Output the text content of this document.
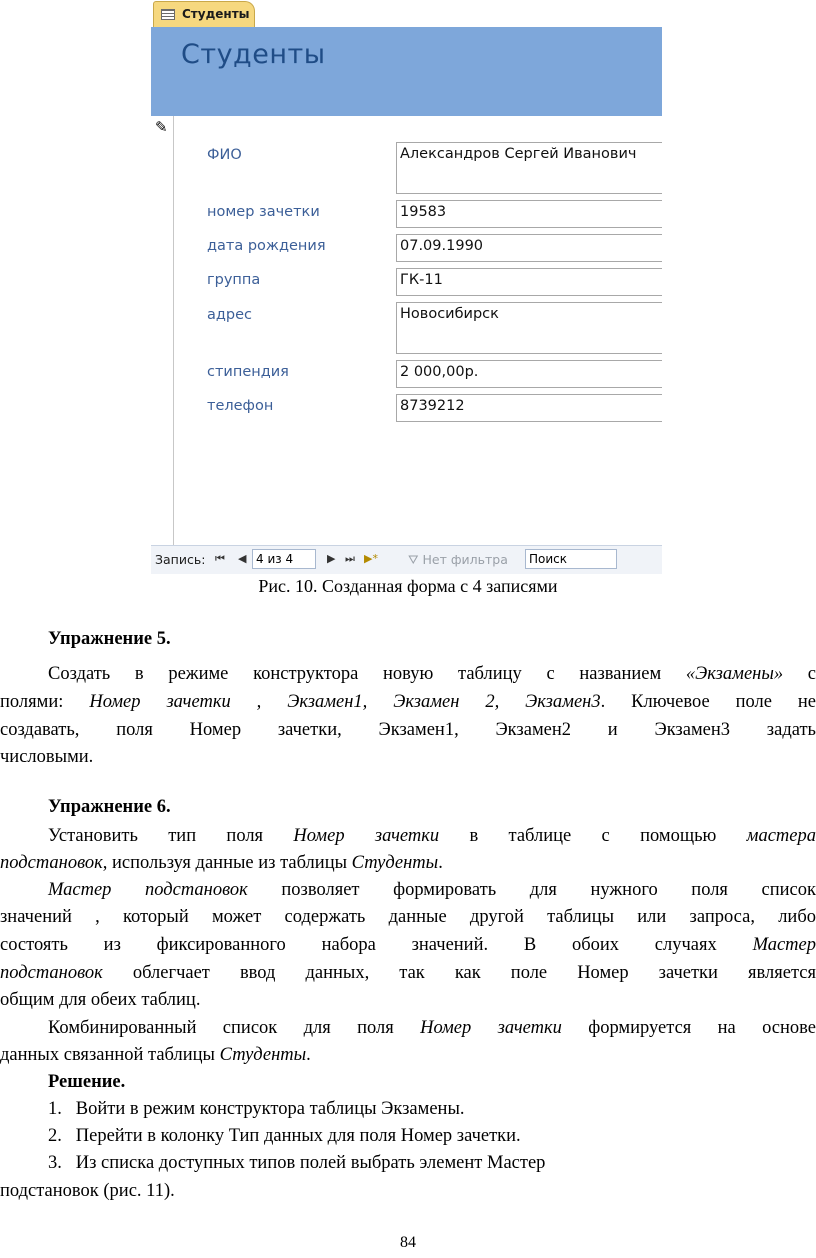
Студенты
Студенты
✎
ФИО	Александров Сергей Иванович
номер зачетки	19583
дата рождения	07.09.1990
группа	ГК-11
адрес	Новосибирск
стипендия	2 000,00р.
телефон	8739212
Запись: ⏮ ◀ 4 из 4	▶ ⏭ ▶* ⛛ Нет фильтра	Поиск
Рис. 10. Созданная форма с 4 записями
Упражнение 5.
Создать в режиме конструктора новую таблицу с названием «Экзамены» с
полями: Номер зачетки , Экзамен1, Экзамен 2, Экзамен3. Ключевое поле не
создавать, поля Номер зачетки, Экзамен1, Экзамен2 и Экзамен3 задать
числовыми.
Упражнение 6.
Установить тип поля Номер зачетки в таблице с помощью мастера
подстановок, используя данные из таблицы Студенты.
Мастер подстановок позволяет формировать для нужного поля список
значений , который может содержать данные другой таблицы или запроса, либо
состоять из фиксированного набора значений. В обоих случаях Мастер
подстановок облегчает ввод данных, так как поле Номер зачетки является
общим для обеих таблиц.
Комбинированный список для поля Номер зачетки формируется на основе
данных связанной таблицы Студенты.
Решение.
1.   Войти в режим конструктора таблицы Экзамены.
2.   Перейти в колонку Тип данных для поля Номер зачетки.
3.   Из списка доступных типов полей выбрать элемент Мастер
подстановок (рис. 11).
84
